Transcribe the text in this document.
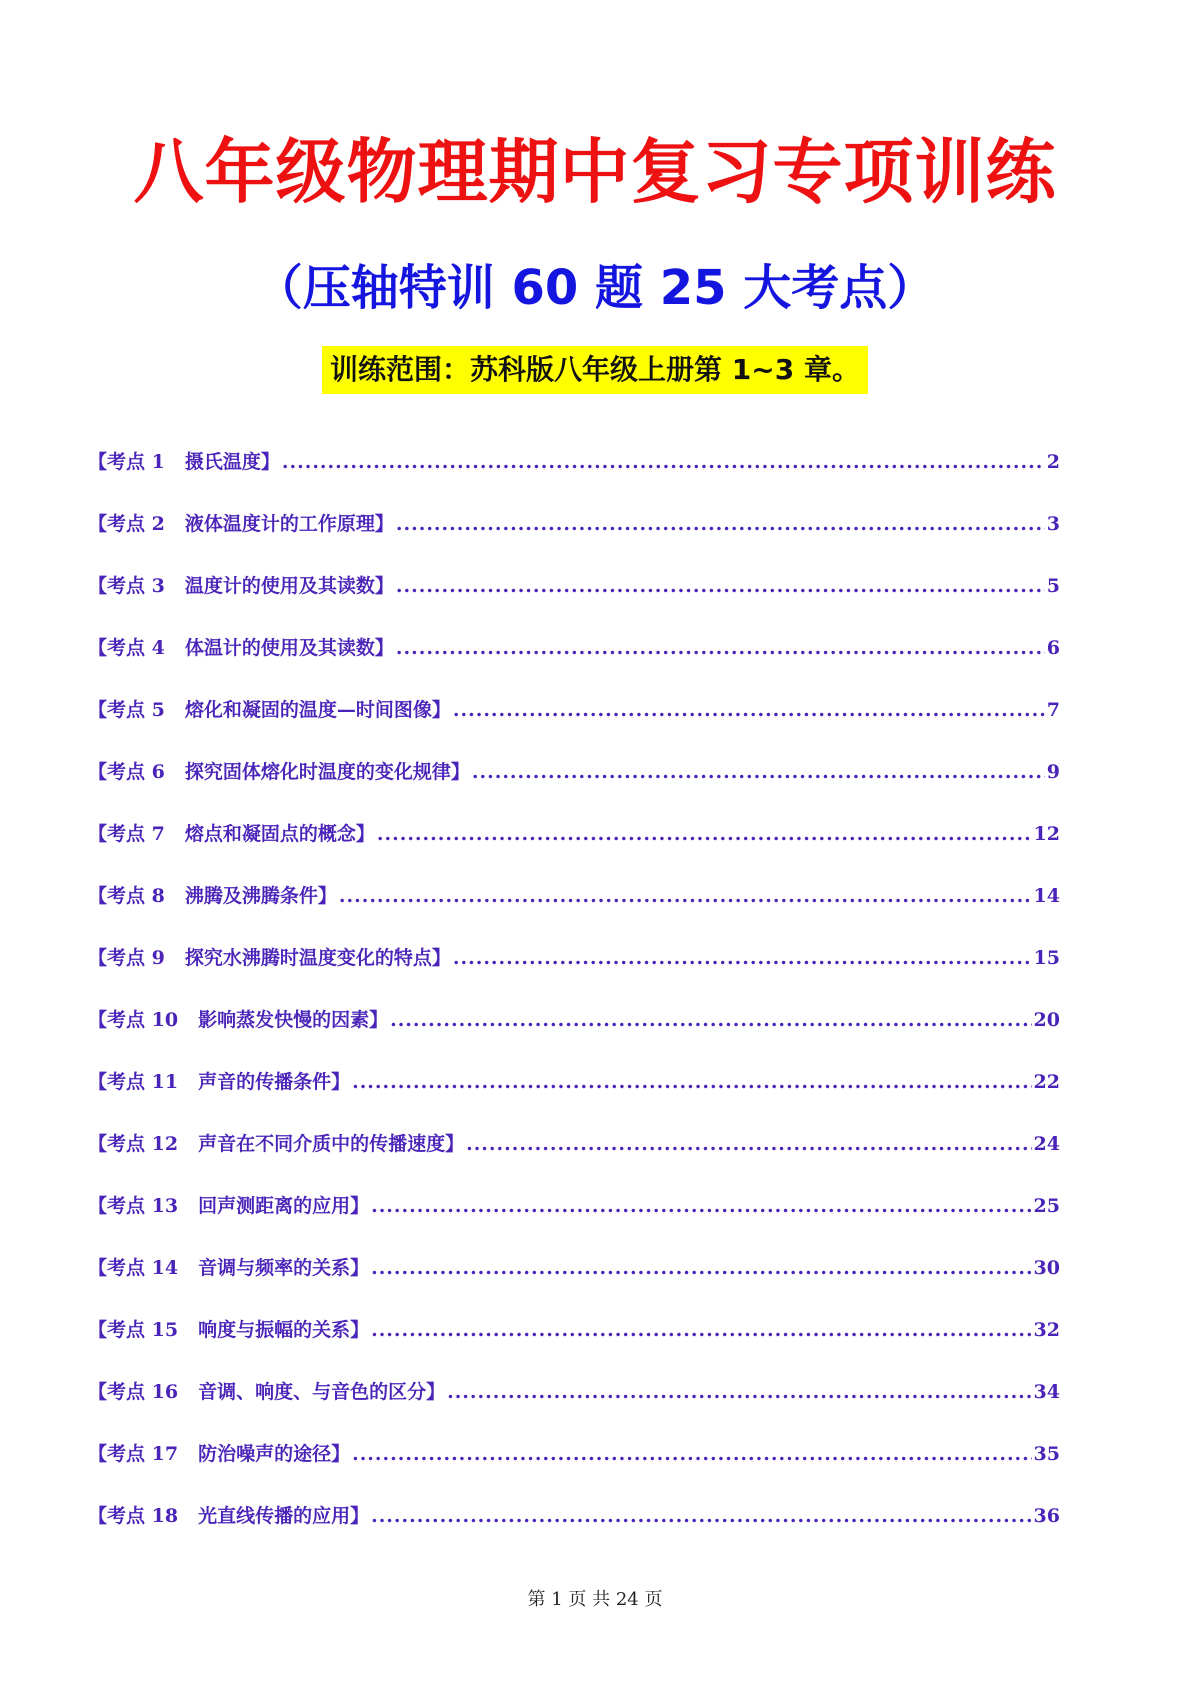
八年级物理期中复习专项训练
（压轴特训 60 题 25 大考点）
训练范围：苏科版八年级上册第 1~3 章。
【考点 1 摄氏温度】 .....	2
【考点 2 液体温度计的工作原理】 .....	3
【考点 3 温度计的使用及其读数】 .....	5
【考点 4 体温计的使用及其读数】 .....	6
【考点 5 熔化和凝固的温度—时间图像】 .....	7
【考点 6 探究固体熔化时温度的变化规律】 .....	9
【考点 7 熔点和凝固点的概念】 .....	12
【考点 8 沸腾及沸腾条件】 .....	14
【考点 9 探究水沸腾时温度变化的特点】 .....	15
【考点 10 影响蒸发快慢的因素】 .....	20
【考点 11 声音的传播条件】 .....	22
【考点 12 声音在不同介质中的传播速度】 .....	24
【考点 13 回声测距离的应用】 .....	25
【考点 14 音调与频率的关系】 .....	30
【考点 15 响度与振幅的关系】 .....	32
【考点 16 音调、响度、与音色的区分】 .....	34
【考点 17 防治噪声的途径】 .....	35
【考点 18 光直线传播的应用】 .....	36
第 1 页 共 24 页
